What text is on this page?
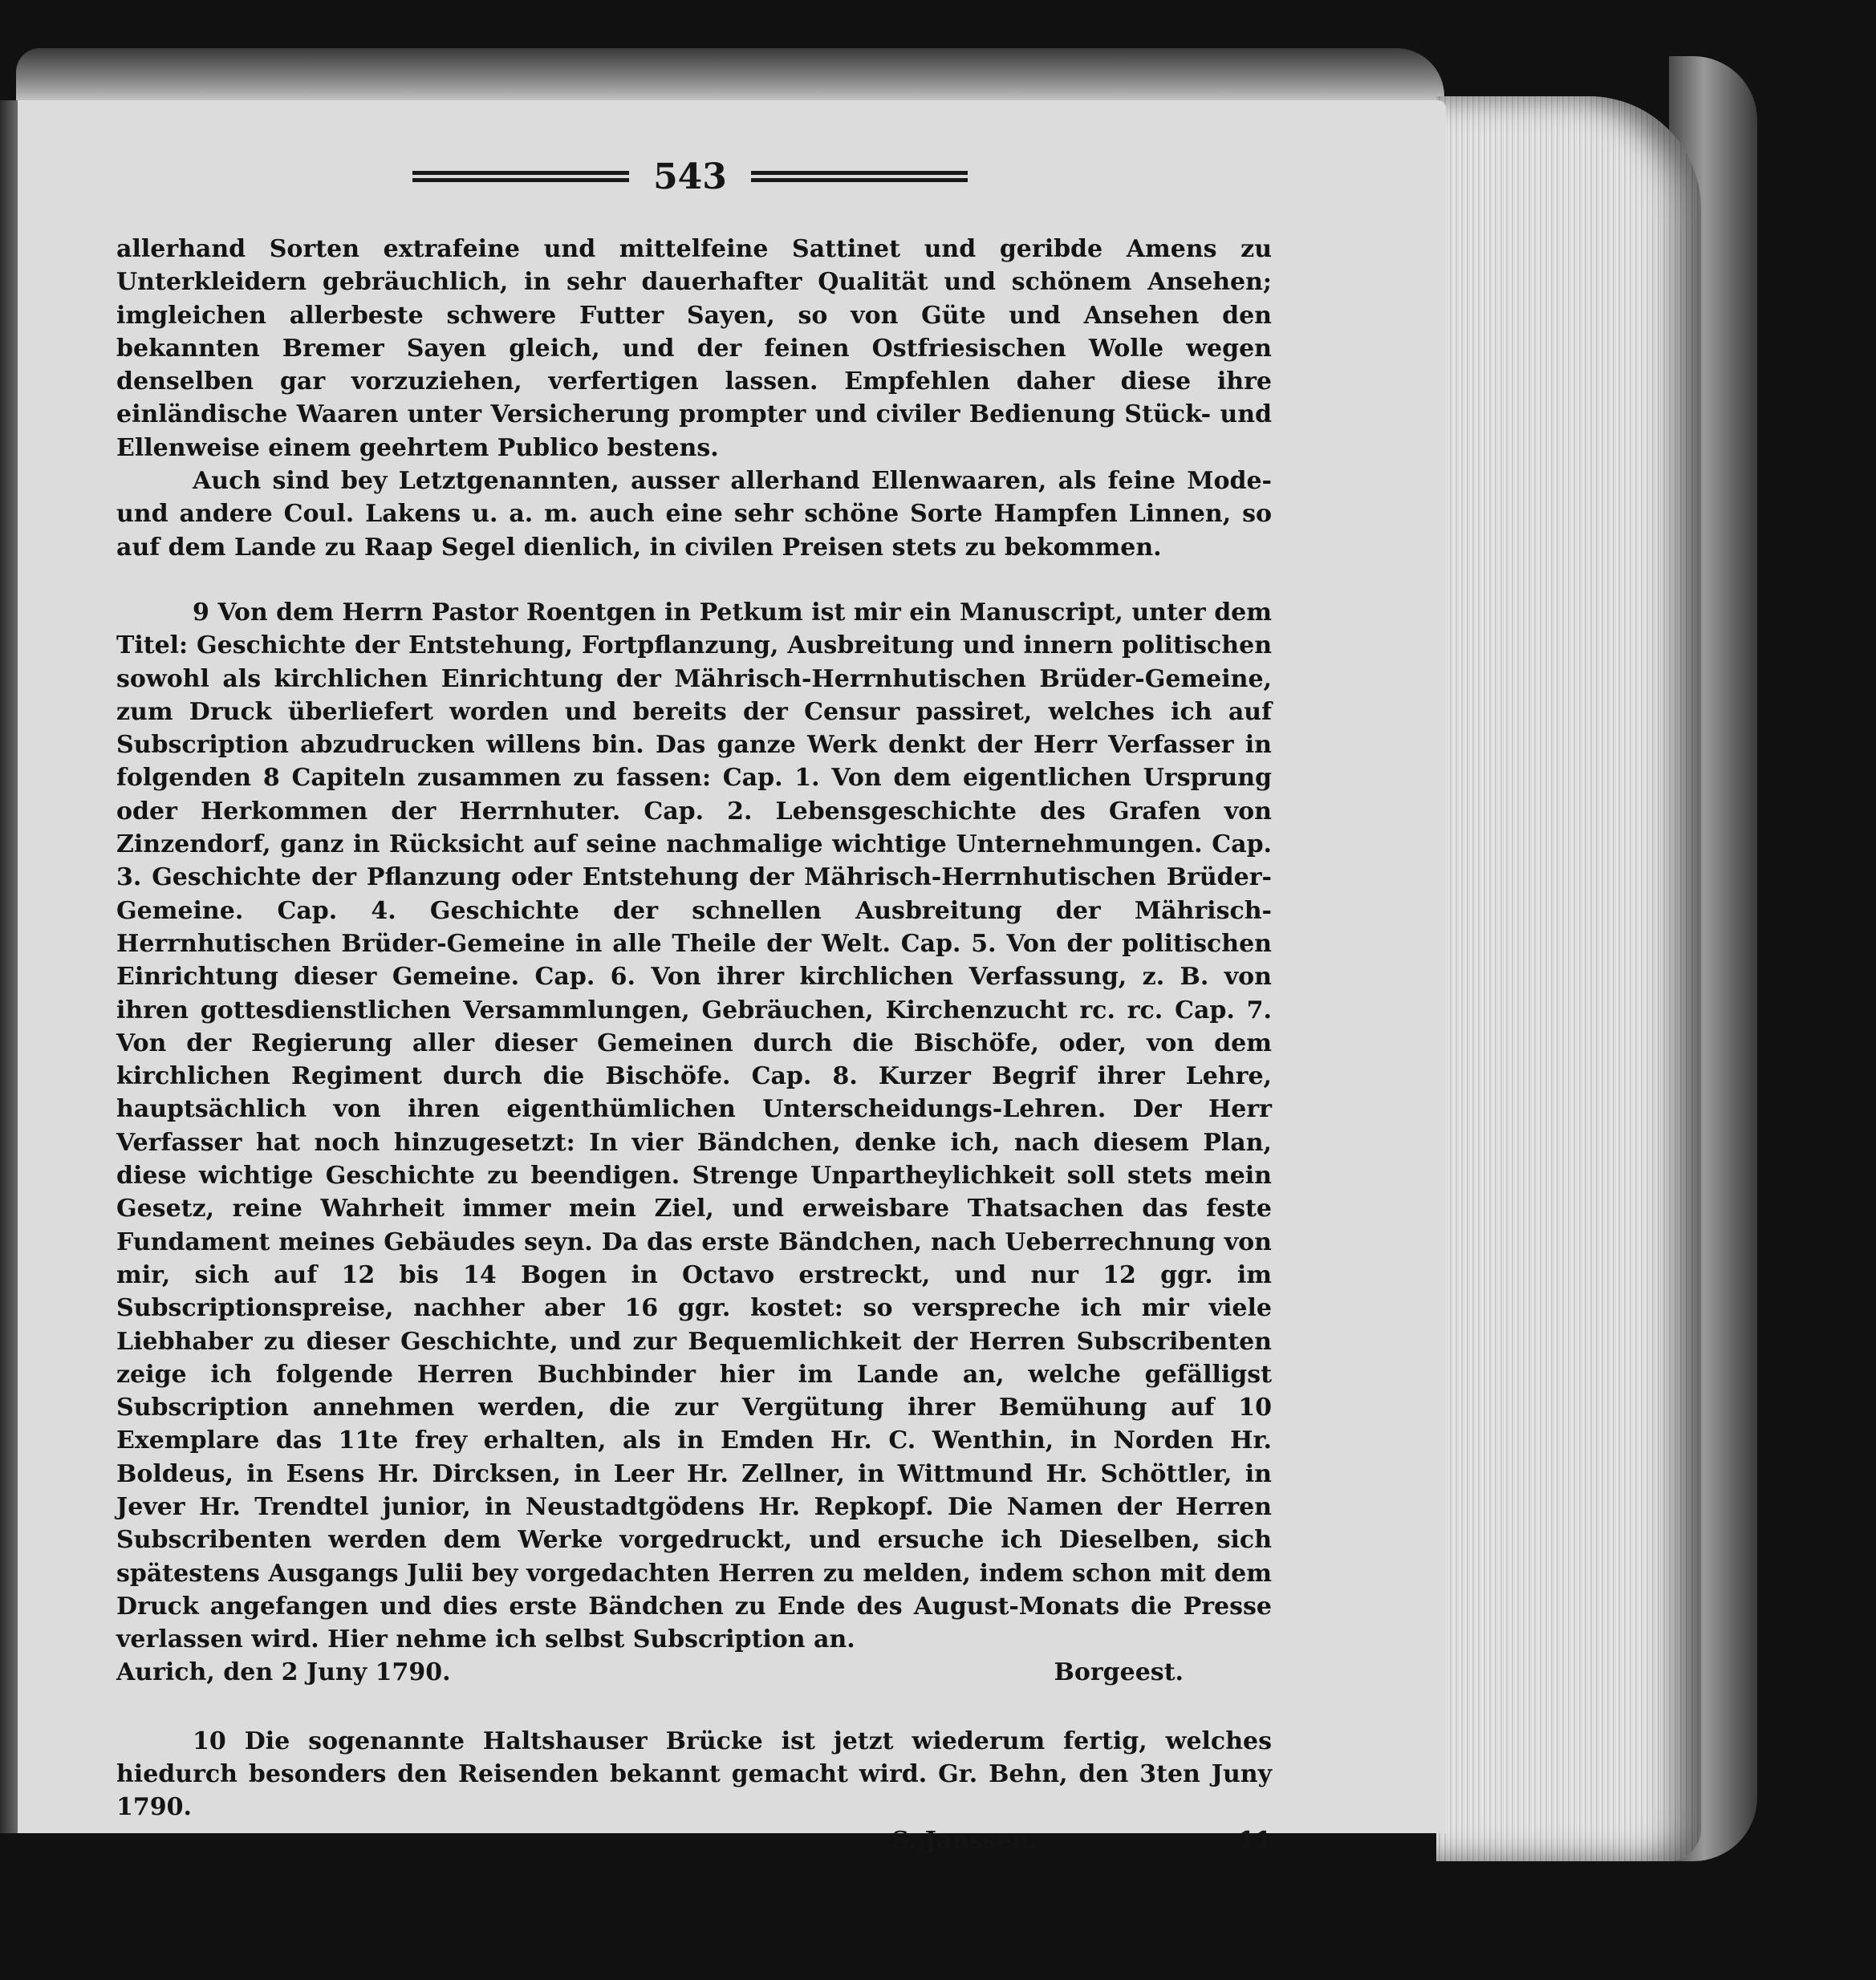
543

allerhand Sorten extrafeine und mittelfeine Sattinet und geribde Amens zu Unterkleidern gebräuchlich, in sehr dauerhafter Qualität und schönem Ansehen; imgleichen allerbeste schwere Futter Sayen, so von Güte und Ansehen den bekannten Bremer Sayen gleich, und der feinen Ostfriesischen Wolle wegen denselben gar vorzuziehen, verfertigen lassen. Empfehlen daher diese ihre einländische Waaren unter Versicherung prompter und civiler Bedienung Stück- und Ellenweise einem geehrtem Publico bestens.

Auch sind bey Letztgenannten, ausser allerhand Ellenwaaren, als feine Mode- und andere Coul. Lakens u. a. m. auch eine sehr schöne Sorte Hampfen Linnen, so auf dem Lande zu Raap Segel dienlich, in civilen Preisen stets zu bekommen.

9 Von dem Herrn Pastor Roentgen in Petkum ist mir ein Manuscript, unter dem Titel: Geschichte der Entstehung, Fortpflanzung, Ausbreitung und innern politischen sowohl als kirchlichen Einrichtung der Mährisch-Herrnhutischen Brüder-Gemeine, zum Druck überliefert worden und bereits der Censur passiret, welches ich auf Subscription abzudrucken willens bin. Das ganze Werk denkt der Herr Verfasser in folgenden 8 Capiteln zusammen zu fassen: Cap. 1. Von dem eigentlichen Ursprung oder Herkommen der Herrnhuter. Cap. 2. Lebensgeschichte des Grafen von Zinzendorf, ganz in Rücksicht auf seine nachmalige wichtige Unternehmungen. Cap. 3. Geschichte der Pflanzung oder Entstehung der Mährisch-Herrnhutischen Brüder-Gemeine. Cap. 4. Geschichte der schnellen Ausbreitung der Mährisch-Herrnhutischen Brüder-Gemeine in alle Theile der Welt. Cap. 5. Von der politischen Einrichtung dieser Gemeine. Cap. 6. Von ihrer kirchlichen Verfassung, z. B. von ihren gottesdienstlichen Versammlungen, Gebräuchen, Kirchenzucht rc. rc. Cap. 7. Von der Regierung aller dieser Gemeinen durch die Bischöfe, oder, von dem kirchlichen Regiment durch die Bischöfe. Cap. 8. Kurzer Begrif ihrer Lehre, hauptsächlich von ihren eigenthümlichen Unterscheidungs-Lehren. Der Herr Verfasser hat noch hinzugesetzt: In vier Bändchen, denke ich, nach diesem Plan, diese wichtige Geschichte zu beendigen. Strenge Unpartheylichkeit soll stets mein Gesetz, reine Wahrheit immer mein Ziel, und erweisbare Thatsachen das feste Fundament meines Gebäudes seyn. Da das erste Bändchen, nach Ueberrechnung von mir, sich auf 12 bis 14 Bogen in Octavo erstreckt, und nur 12 ggr. im Subscriptionspreise, nachher aber 16 ggr. kostet: so verspreche ich mir viele Liebhaber zu dieser Geschichte, und zur Bequemlichkeit der Herren Subscribenten zeige ich folgende Herren Buchbinder hier im Lande an, welche gefälligst Subscription annehmen werden, die zur Vergütung ihrer Bemühung auf 10 Exemplare das 11te frey erhalten, als in Emden Hr. C. Wenthin, in Norden Hr. Boldeus, in Esens Hr. Dircksen, in Leer Hr. Zellner, in Wittmund Hr. Schöttler, in Jever Hr. Trendtel junior, in Neustadtgödens Hr. Repkopf. Die Namen der Herren Subscribenten werden dem Werke vorgedruckt, und ersuche ich Dieselben, sich spätestens Ausgangs Julii bey vorgedachten Herren zu melden, indem schon mit dem Druck angefangen und dies erste Bändchen zu Ende des August-Monats die Presse verlassen wird. Hier nehme ich selbst Subscription an.

Aurich, den 2 Juny 1790.	Borgeest.

10 Die sogenannte Haltshauser Brücke ist jetzt wiederum fertig, welches hiedurch besonders den Reisenden bekannt gemacht wird. Gr. Behn, den 3ten Juny 1790.

S. Janssen.	11
